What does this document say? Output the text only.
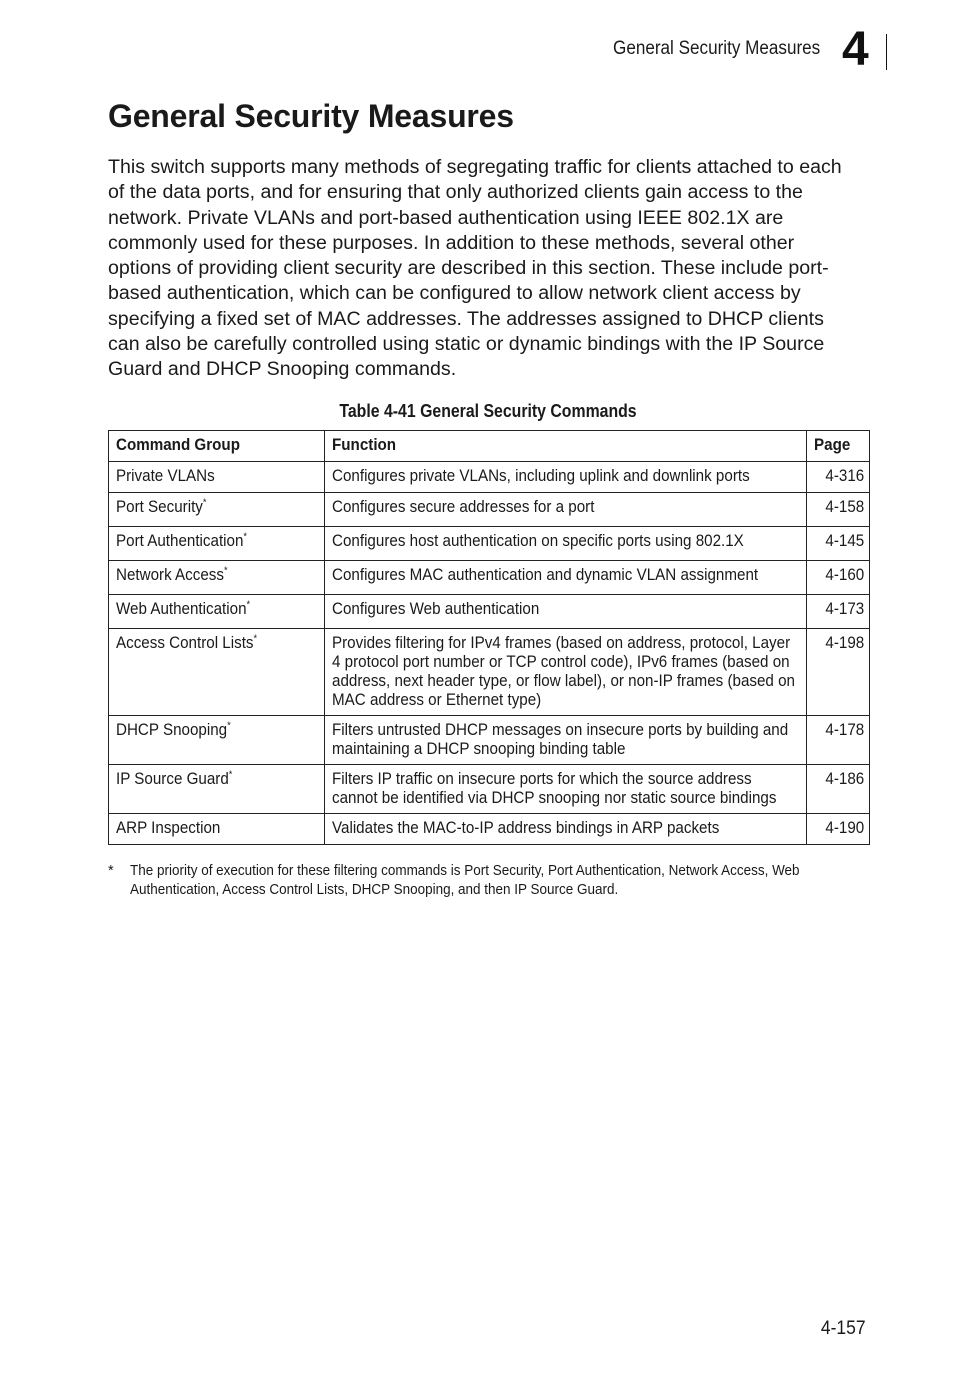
General Security Measures 4
General Security Measures

This switch supports many methods of segregating traffic for clients attached to each of the data ports, and for ensuring that only authorized clients gain access to the network. Private VLANs and port-based authentication using IEEE 802.1X are commonly used for these purposes. In addition to these methods, several other options of providing client security are described in this section. These include port-based authentication, which can be configured to allow network client access by specifying a fixed set of MAC addresses. The addresses assigned to DHCP clients can also be carefully controlled using static or dynamic bindings with the IP Source Guard and DHCP Snooping commands.

Table 4-41 General Security Commands
Command Group	Function	Page
Private VLANs	Configures private VLANs, including uplink and downlink ports	4-316
Port Security*	Configures secure addresses for a port	4-158
Port Authentication*	Configures host authentication on specific ports using 802.1X	4-145
Network Access*	Configures MAC authentication and dynamic VLAN assignment	4-160
Web Authentication*	Configures Web authentication	4-173
Access Control Lists*	Provides filtering for IPv4 frames (based on address, protocol, Layer 4 protocol port number or TCP control code), IPv6 frames (based on address, next header type, or flow label), or non-IP frames (based on MAC address or Ethernet type)	4-198
DHCP Snooping*	Filters untrusted DHCP messages on insecure ports by building and maintaining a DHCP snooping binding table	4-178
IP Source Guard*	Filters IP traffic on insecure ports for which the source address cannot be identified via DHCP snooping nor static source bindings	4-186
ARP Inspection	Validates the MAC-to-IP address bindings in ARP packets	4-190
* The priority of execution for these filtering commands is Port Security, Port Authentication, Network Access, Web Authentication, Access Control Lists, DHCP Snooping, and then IP Source Guard.
4-157
